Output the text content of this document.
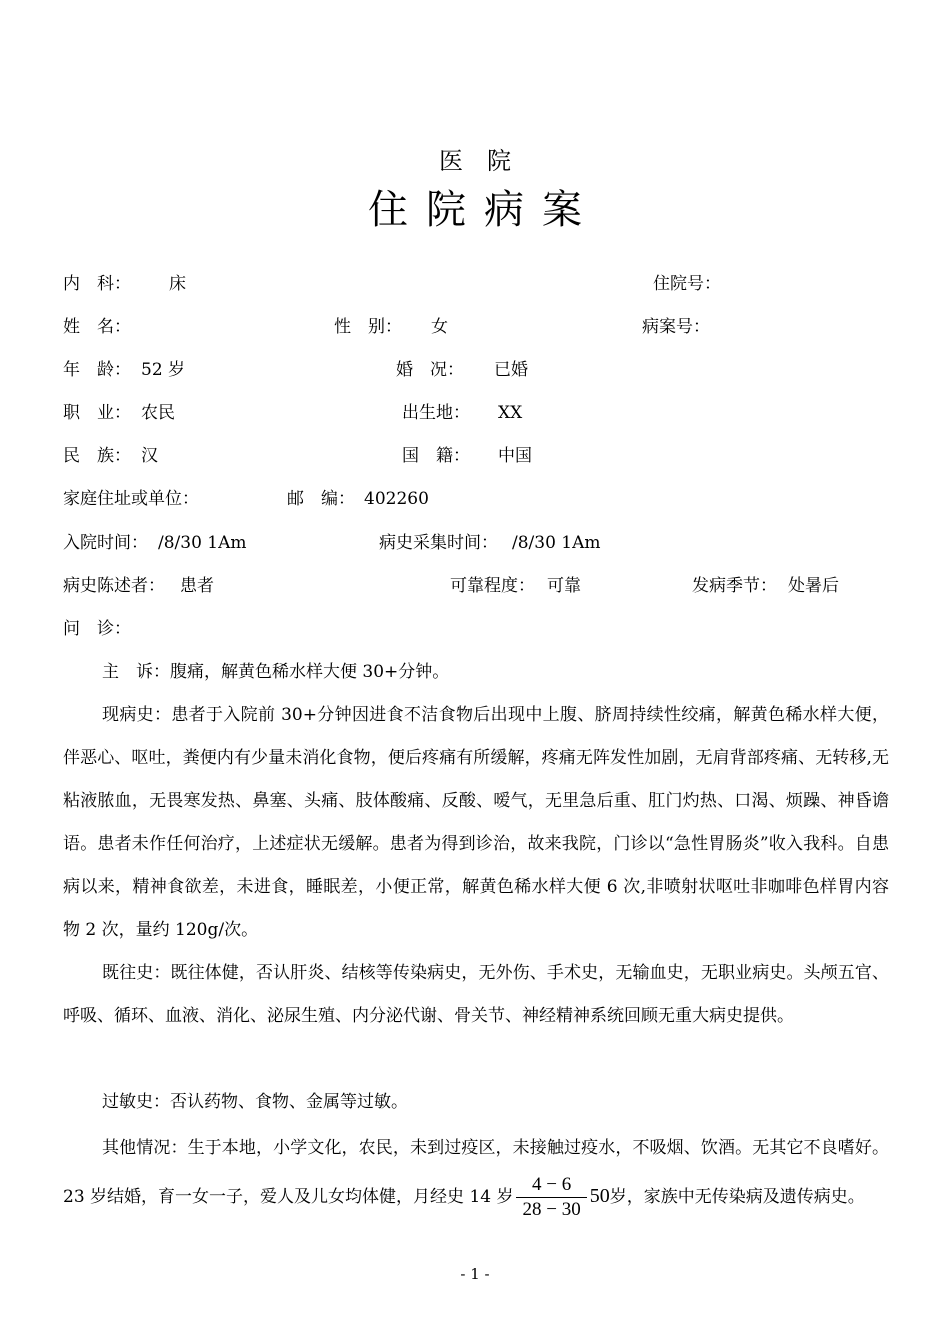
医院
住院病案
内　科： 床	住院号：
姓　名：	性　别： 女	病案号：
年　龄： 52 岁	婚　况： 已婚
职　业： 农民	出生地： XX
民　族： 汉	国　籍： 中国
家庭住址或单位：	邮　编： 402260
入院时间： /8/30 1Am	病史采集时间： /8/30 1Am
病史陈述者： 患者	可靠程度： 可靠	发病季节： 处暑后
问　诊：
主　诉：腹痛，解黄色稀水样大便 30+分钟。
现病史：患者于入院前 30+分钟因进食不洁食物后出现中上腹、脐周持续性绞痛，解黄色稀水样大便，伴恶心、呕吐，粪便内有少量未消化食物，便后疼痛有所缓解，疼痛无阵发性加剧，无肩背部疼痛、无转移,无粘液脓血，无畏寒发热、鼻塞、头痛、肢体酸痛、反酸、嗳气，无里急后重、肛门灼热、口渴、烦躁、神昏谵语。患者未作任何治疗，上述症状无缓解。患者为得到诊治，故来我院，门诊以“急性胃肠炎”收入我科。自患病以来，精神食欲差，未进食，睡眠差，小便正常，解黄色稀水样大便 6 次,非喷射状呕吐非咖啡色样胃内容物 2 次，量约 120g/次。
既往史：既往体健，否认肝炎、结核等传染病史，无外伤、手术史，无输血史，无职业病史。头颅五官、呼吸、循环、血液、消化、泌尿生殖、内分泌代谢、骨关节、神经精神系统回顾无重大病史提供。
过敏史：否认药物、食物、金属等过敏。
其他情况：生于本地，小学文化，农民，未到过疫区，未接触过疫水，不吸烟、饮酒。无其它不良嗜好。23 岁结婚，育一女一子，爱人及儿女均体健，月经史 14 岁 $\frac{4 - 6}{28 - 30} 50$岁，家族中无传染病及遗传病史。
- 1 -
